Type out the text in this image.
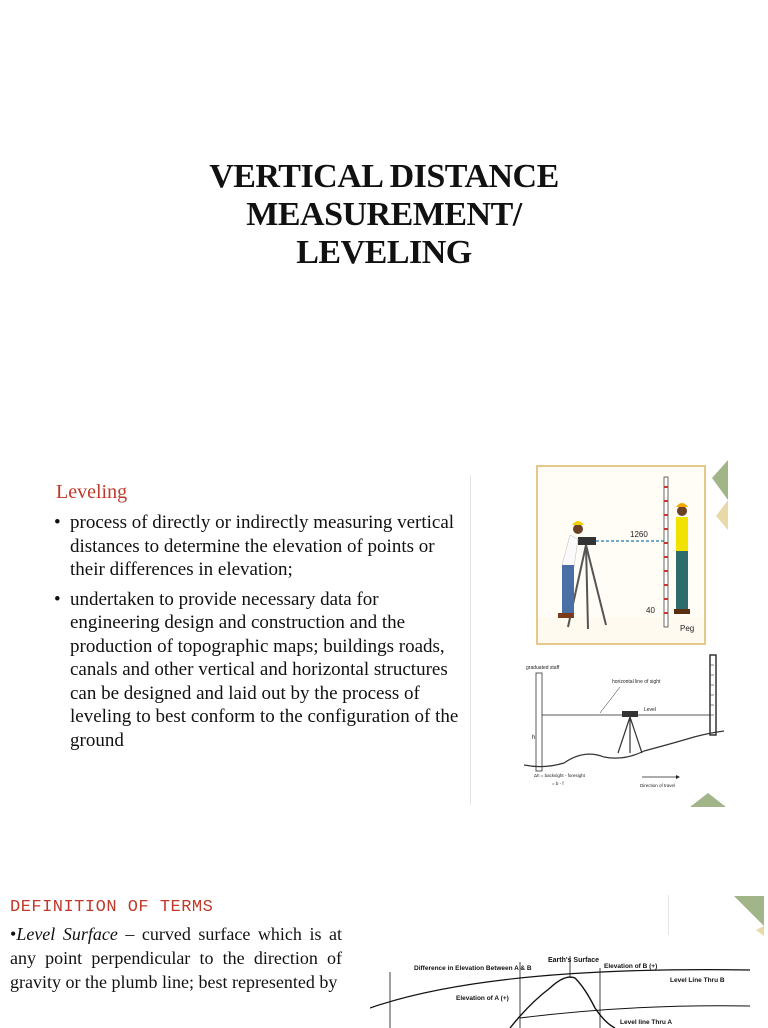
VERTICAL DISTANCE
MEASUREMENT/
LEVELING
Leveling
• process of directly or indirectly measuring vertical distances to determine the elevation of points or their differences in elevation;
• undertaken to provide necessary data for engineering design and construction and the production of topographic maps; buildings roads, canals and other vertical and horizontal structures can be designed and laid out by the process of leveling to best conform to the configuration of the ground
1260
40
Peg
graduated staff
horizontal line of sight
Level
h
Δh = backsight - foresight
= b - f	Direction of travel
DEFINITION OF TERMS
•Level Surface – curved surface which is at any point perpendicular to the direction of gravity or the plumb line; best represented by
Earth's Surface
Difference in Elevation Between A & B	Elevation of B (+)
Level Line Thru B
Elevation of A (+)
Level line Thru A
